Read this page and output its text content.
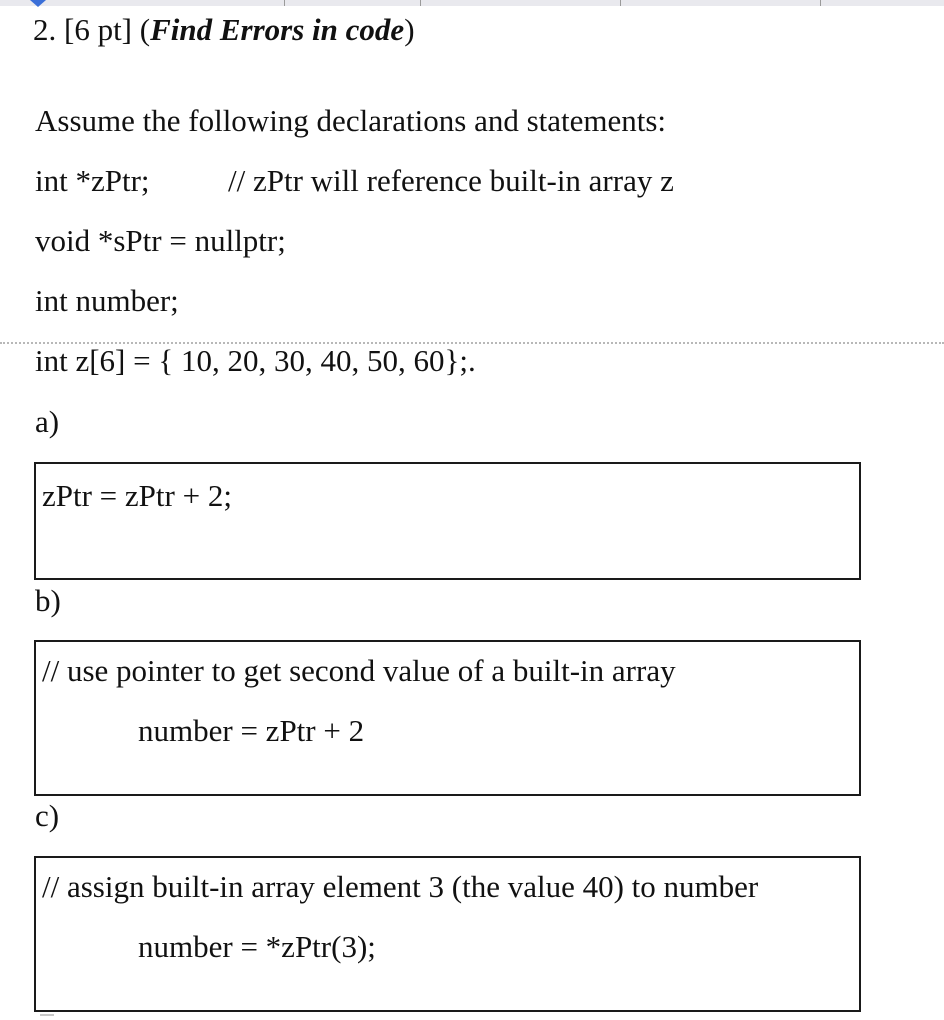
2. [6 pt] (Find Errors in code)
Assume the following declarations and statements:
int *zPtr;	// zPtr will reference built-in array z
void *sPtr = nullptr;
int number;
int z[6] = { 10, 20, 30, 40, 50, 60};.
a)
zPtr = zPtr + 2;
b)
// use pointer to get second value of a built-in array
number = zPtr + 2
c)
// assign built-in array element 3 (the value 40) to number
number = *zPtr(3);
